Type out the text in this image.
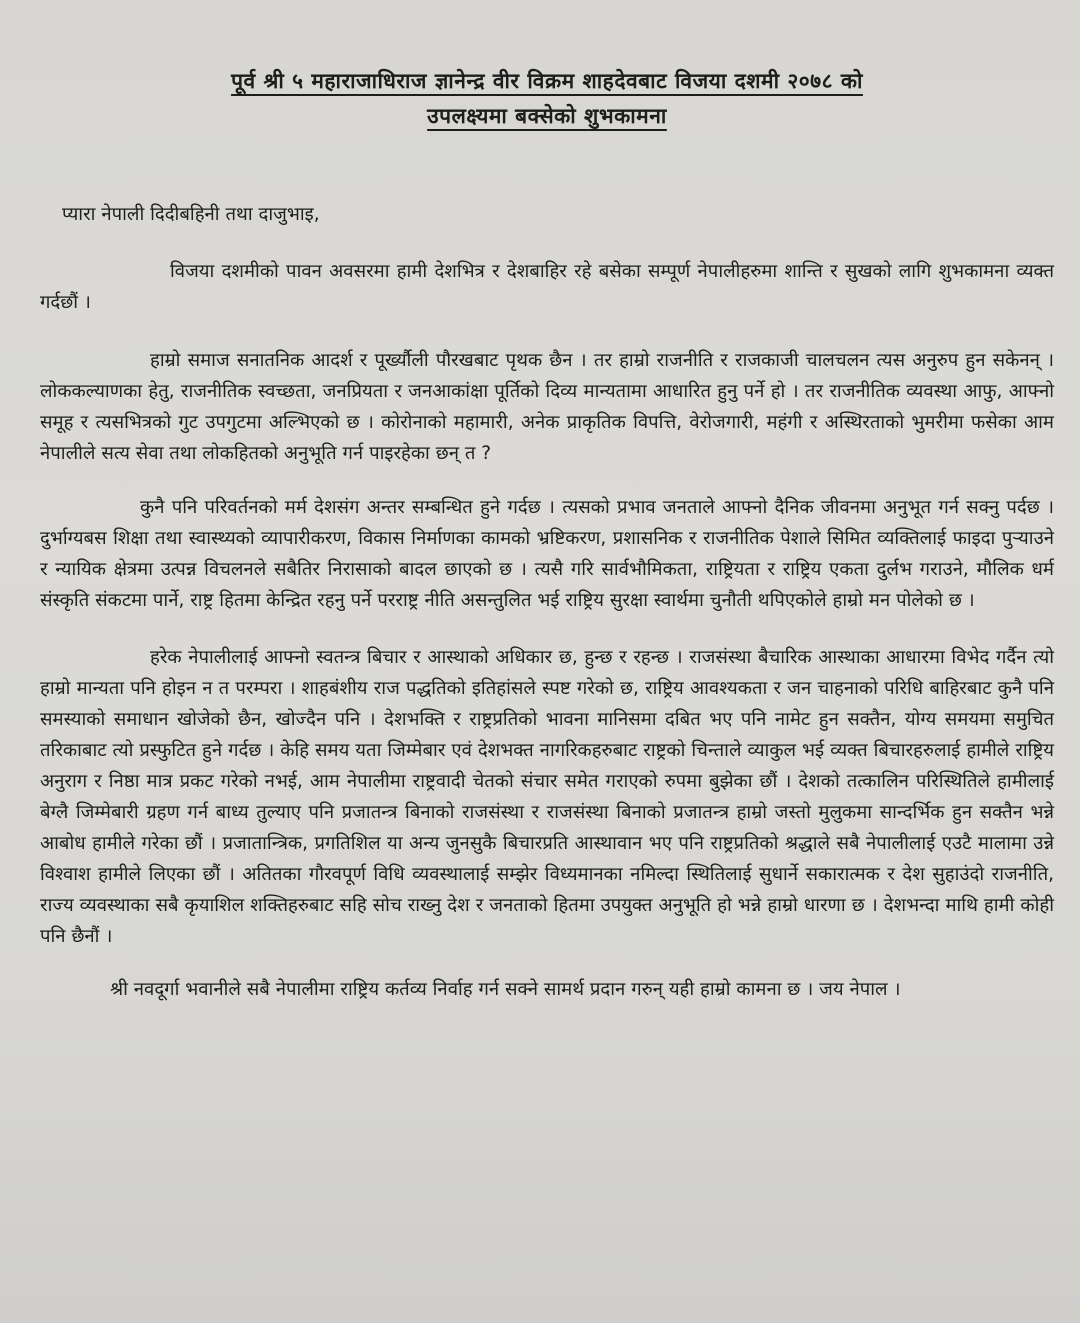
पूर्व श्री ५ महाराजाधिराज ज्ञानेन्द्र वीर विक्रम शाहदेवबाट विजया दशमी २०७८ को
उपलक्ष्यमा बक्सेको शुभकामना
प्यारा नेपाली दिदीबहिनी तथा दाजुभाइ,

विजया दशमीको पावन अवसरमा हामी देशभित्र र देशबाहिर रहे बसेका सम्पूर्ण नेपालीहरुमा शान्ति र सुखको लागि शुभकामना व्यक्त गर्दछौं ।

हाम्रो समाज सनातनिक आदर्श र पूर्ख्यौली पौरखबाट पृथक छैन । तर हाम्रो राजनीति र राजकाजी चालचलन त्यस अनुरुप हुन सकेनन् । लोककल्याणका हेतु, राजनीतिक स्वच्छता, जनप्रियता र जनआकांक्षा पूर्तिको दिव्य मान्यतामा आधारित हुनु पर्ने हो । तर राजनीतिक व्यवस्था आफु, आफ्नो समूह र त्यसभित्रको गुट उपगुटमा अल्भिएको छ । कोरोनाको महामारी, अनेक प्राकृतिक विपत्ति, वेरोजगारी, महंगी र अस्थिरताको भुमरीमा फसेका आम नेपालीले सत्य सेवा तथा लोकहितको अनुभूति गर्न पाइरहेका छन् त ?

कुनै पनि परिवर्तनको मर्म देशसंग अन्तर सम्बन्धित हुने गर्दछ । त्यसको प्रभाव जनताले आफ्नो दैनिक जीवनमा अनुभूत गर्न सक्नु पर्दछ । दुर्भाग्यबस शिक्षा तथा स्वास्थ्यको व्यापारीकरण, विकास निर्माणका कामको भ्रष्टिकरण, प्रशासनिक र राजनीतिक पेशाले सिमित व्यक्तिलाई फाइदा पुऱ्याउने र न्यायिक क्षेत्रमा उत्पन्न विचलनले सबैतिर निरासाको बादल छाएको छ । त्यसै गरि सार्वभौमिकता, राष्ट्रियता र राष्ट्रिय एकता दुर्लभ गराउने, मौलिक धर्म संस्कृति संकटमा पार्ने, राष्ट्र हितमा केन्द्रित रहनु पर्ने परराष्ट्र नीति असन्तुलित भई राष्ट्रिय सुरक्षा स्वार्थमा चुनौती थपिएकोले हाम्रो मन पोलेको छ ।

हरेक नेपालीलाई आफ्नो स्वतन्त्र बिचार र आस्थाको अधिकार छ, हुन्छ र रहन्छ । राजसंस्था बैचारिक आस्थाका आधारमा विभेद गर्दैन त्यो हाम्रो मान्यता पनि होइन न त परम्परा । शाहबंशीय राज पद्धतिको इतिहांसले स्पष्ट गरेको छ, राष्ट्रिय आवश्यकता र जन चाहनाको परिधि बाहिरबाट कुनै पनि समस्याको समाधान खोजेको छैन, खोज्दैन पनि । देशभक्ति र राष्ट्रप्रतिको भावना मानिसमा दबित भए पनि नामेट हुन सक्तैन, योग्य समयमा समुचित तरिकाबाट त्यो प्रस्फुटित हुने गर्दछ । केहि समय यता जिम्मेबार एवं देशभक्त नागरिकहरुबाट राष्ट्रको चिन्ताले व्याकुल भई व्यक्त बिचारहरुलाई हामीले राष्ट्रिय अनुराग र निष्ठा मात्र प्रकट गरेको नभई, आम नेपालीमा राष्ट्रवादी चेतको संचार समेत गराएको रुपमा बुझेका छौं । देशको तत्कालिन परिस्थितिले हामीलाई बेग्लै जिम्मेबारी ग्रहण गर्न बाध्य तुल्याए पनि प्रजातन्त्र बिनाको राजसंस्था र राजसंस्था बिनाको प्रजातन्त्र हाम्रो जस्तो मुलुकमा सान्दर्भिक हुन सक्तैन भन्ने आबोध हामीले गरेका छौं । प्रजातान्त्रिक, प्रगतिशिल या अन्य जुनसुकै बिचारप्रति आस्थावान भए पनि राष्ट्रप्रतिको श्रद्धाले सबै नेपालीलाई एउटै मालामा उन्ने विश्वाश हामीले लिएका छौं । अतितका गौरवपूर्ण विधि व्यवस्थालाई सम्झेर विध्यमानका नमिल्दा स्थितिलाई सुधार्ने सकारात्मक र देश सुहाउंदो राजनीति, राज्य व्यवस्थाका सबै कृयाशिल शक्तिहरुबाट सहि सोच राख्नु देश र जनताको हितमा उपयुक्त अनुभूति हो भन्ने हाम्रो धारणा छ । देशभन्दा माथि हामी कोही पनि छैनौं ।

श्री नवदूर्गा भवानीले सबै नेपालीमा राष्ट्रिय कर्तव्य निर्वाह गर्न सक्ने सामर्थ प्रदान गरुन् यही हाम्रो कामना छ । जय नेपाल ।
